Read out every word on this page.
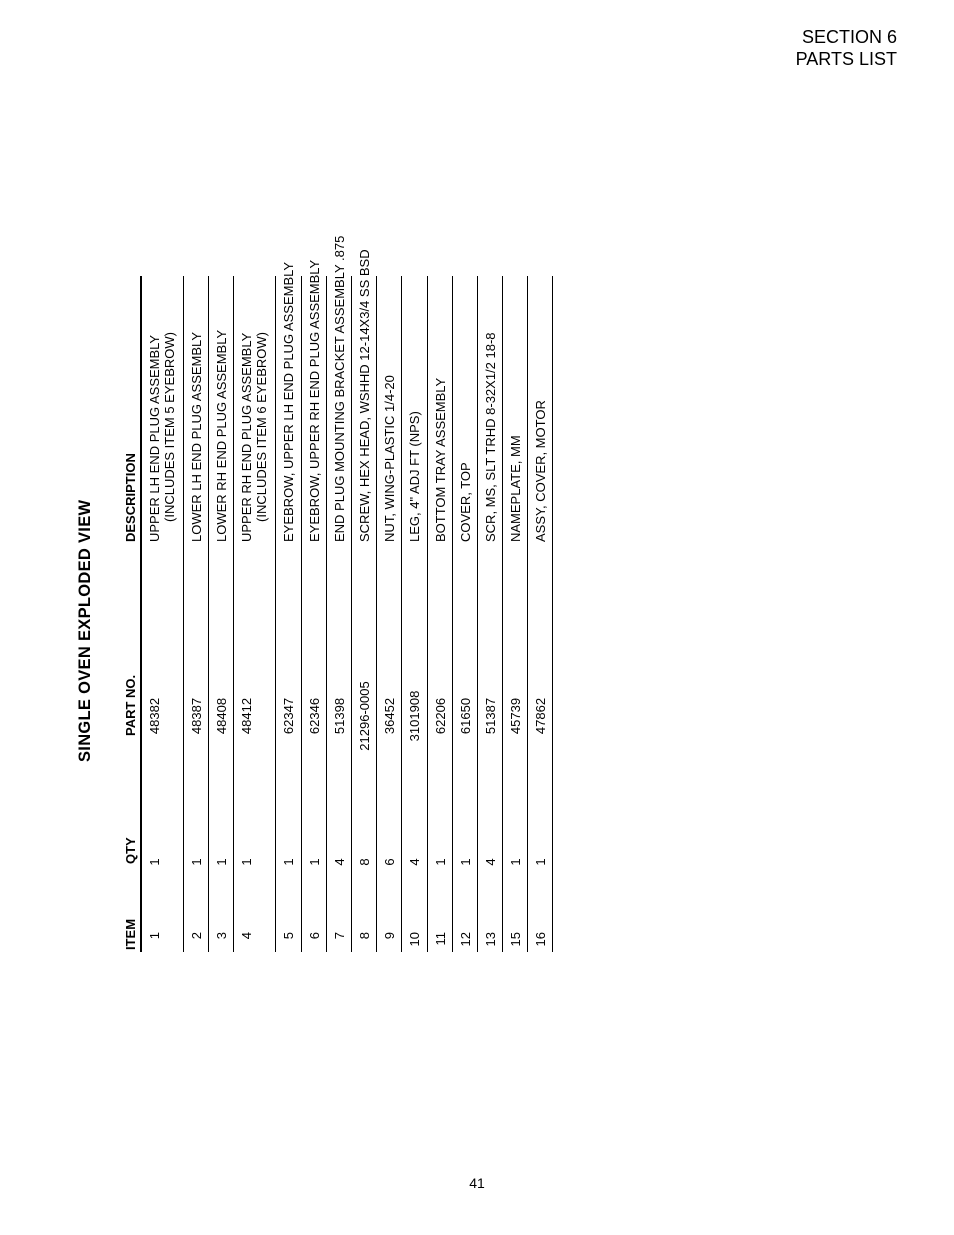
SECTION 6
PARTS LIST
SINGLE OVEN EXPLODED VIEW
ITEM
QTY
PART NO.
DESCRIPTION
1
1
48382
UPPER LH END PLUG ASSEMBLY (INCLUDES ITEM 5 EYEBROW)
2
1
48387
LOWER LH END PLUG ASSEMBLY
3
1
48408
LOWER RH END PLUG ASSEMBLY
4
1
48412
UPPER RH END PLUG ASSEMBLY (INCLUDES ITEM 6 EYEBROW)
5
1
62347
EYEBROW, UPPER LH END PLUG ASSEMBLY
6
1
62346
EYEBROW, UPPER RH END PLUG ASSEMBLY
7
4
51398
END PLUG MOUNTING BRACKET ASSEMBLY .875
8
8
21296-0005
SCREW, HEX HEAD, WSHHD 12-14X3/4 SS BSD
9
6
36452
NUT, WING-PLASTIC 1/4-20
10
4
3101908
LEG, 4" ADJ FT (NPS)
11
1
62206
BOTTOM TRAY ASSEMBLY
12
1
61650
COVER, TOP
13
4
51387
SCR, MS, SLT TRHD 8-32X1/2 18-8
15
1
45739
NAMEPLATE, MM
16
1
47862
ASSY, COVER, MOTOR
41
